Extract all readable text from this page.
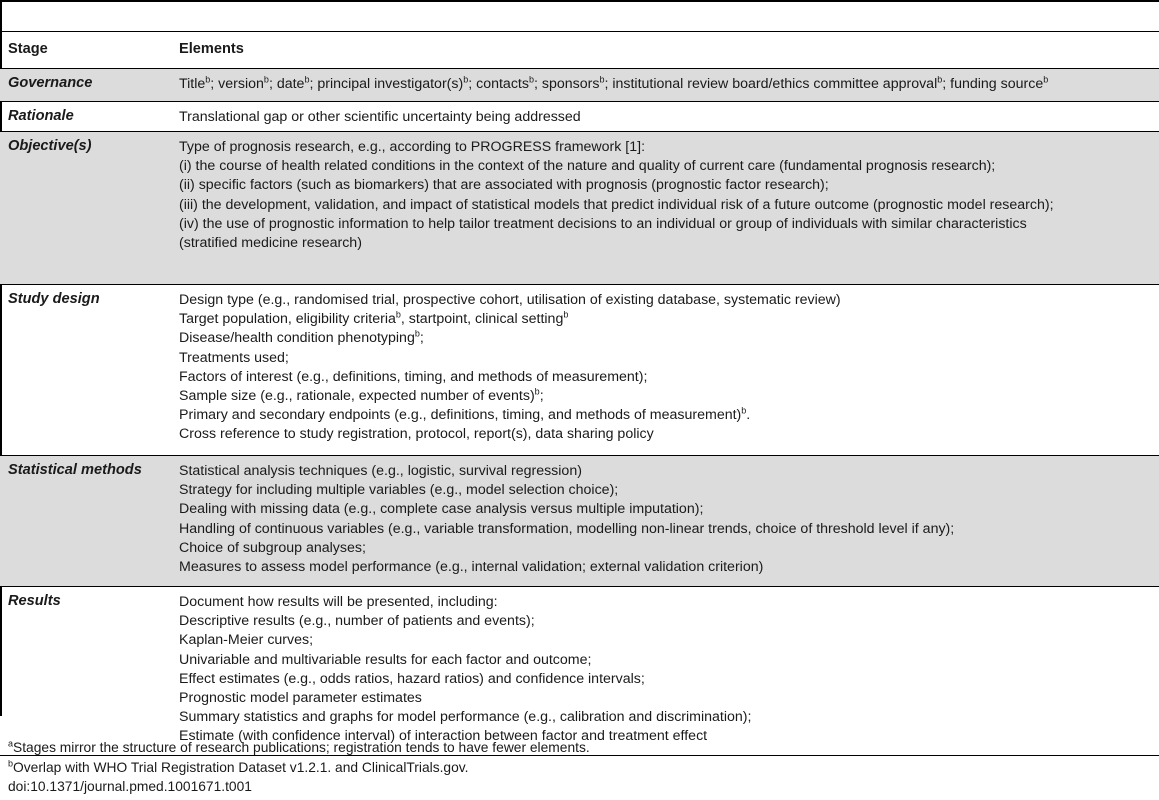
Stage	Elements
Governance	Title$^b$; version$^b$; date$^b$; principal $investigator(s)^b$; contacts$^b$; sponsors$^b$; institutional review board/ethics committee approval$^b$; funding source$^b$
Rationale	Translational gap or other scientific uncertainty being addressed
Objective(s)	Type of prognosis research, e.g., according to PROGRESS framework [1]:
(i) the course of health related conditions in the context of the nature and quality of current care (fundamental prognosis research);
(ii) specific factors (such as biomarkers) that are associated with prognosis (prognostic factor research);
(iii) the development, validation, and impact of statistical models that predict individual risk of a future outcome (prognostic model research);
(iv) the use of prognostic information to help tailor treatment decisions to an individual or group of individuals with similar characteristics
(stratified medicine research)
Study design	Design type (e.g., randomised trial, prospective cohort, utilisation of existing database, systematic review)
Target population, eligibility criteria$^b$, startpoint, clinical setting$^b$
Disease/health condition phenotyping$^b$;
Treatments used;
Factors of interest (e.g., definitions, timing, and methods of measurement);
Sample size (e.g., rationale, expected number of events)$^b$;
Primary and secondary endpoints (e.g., definitions, timing, and methods of measurement)$^b$.
Cross reference to study registration, protocol, report(s), data sharing policy
Statistical methods	Statistical analysis techniques (e.g., logistic, survival regression)
Strategy for including multiple variables (e.g., model selection choice);
Dealing with missing data (e.g., complete case analysis versus multiple imputation);
Handling of continuous variables (e.g., variable transformation, modelling non-linear trends, choice of threshold level if any);
Choice of subgroup analyses;
Measures to assess model performance (e.g., internal validation; external validation criterion)
Results	Document how results will be presented, including:
Descriptive results (e.g., number of patients and events);
Kaplan-Meier curves;
Univariable and multivariable results for each factor and outcome;
Effect estimates (e.g., odds ratios, hazard ratios) and confidence intervals;
Prognostic model parameter estimates
Summary statistics and graphs for model performance (e.g., calibration and discrimination);
Estimate (with confidence interval) of interaction between factor and treatment effect
$^a$Stages mirror the structure of research publications; registration tends to have fewer elements.
$^b$Overlap with WHO Trial Registration Dataset v1.2.1. and ClinicalTrials.gov.
doi:10.1371/journal.pmed.1001671.t001
